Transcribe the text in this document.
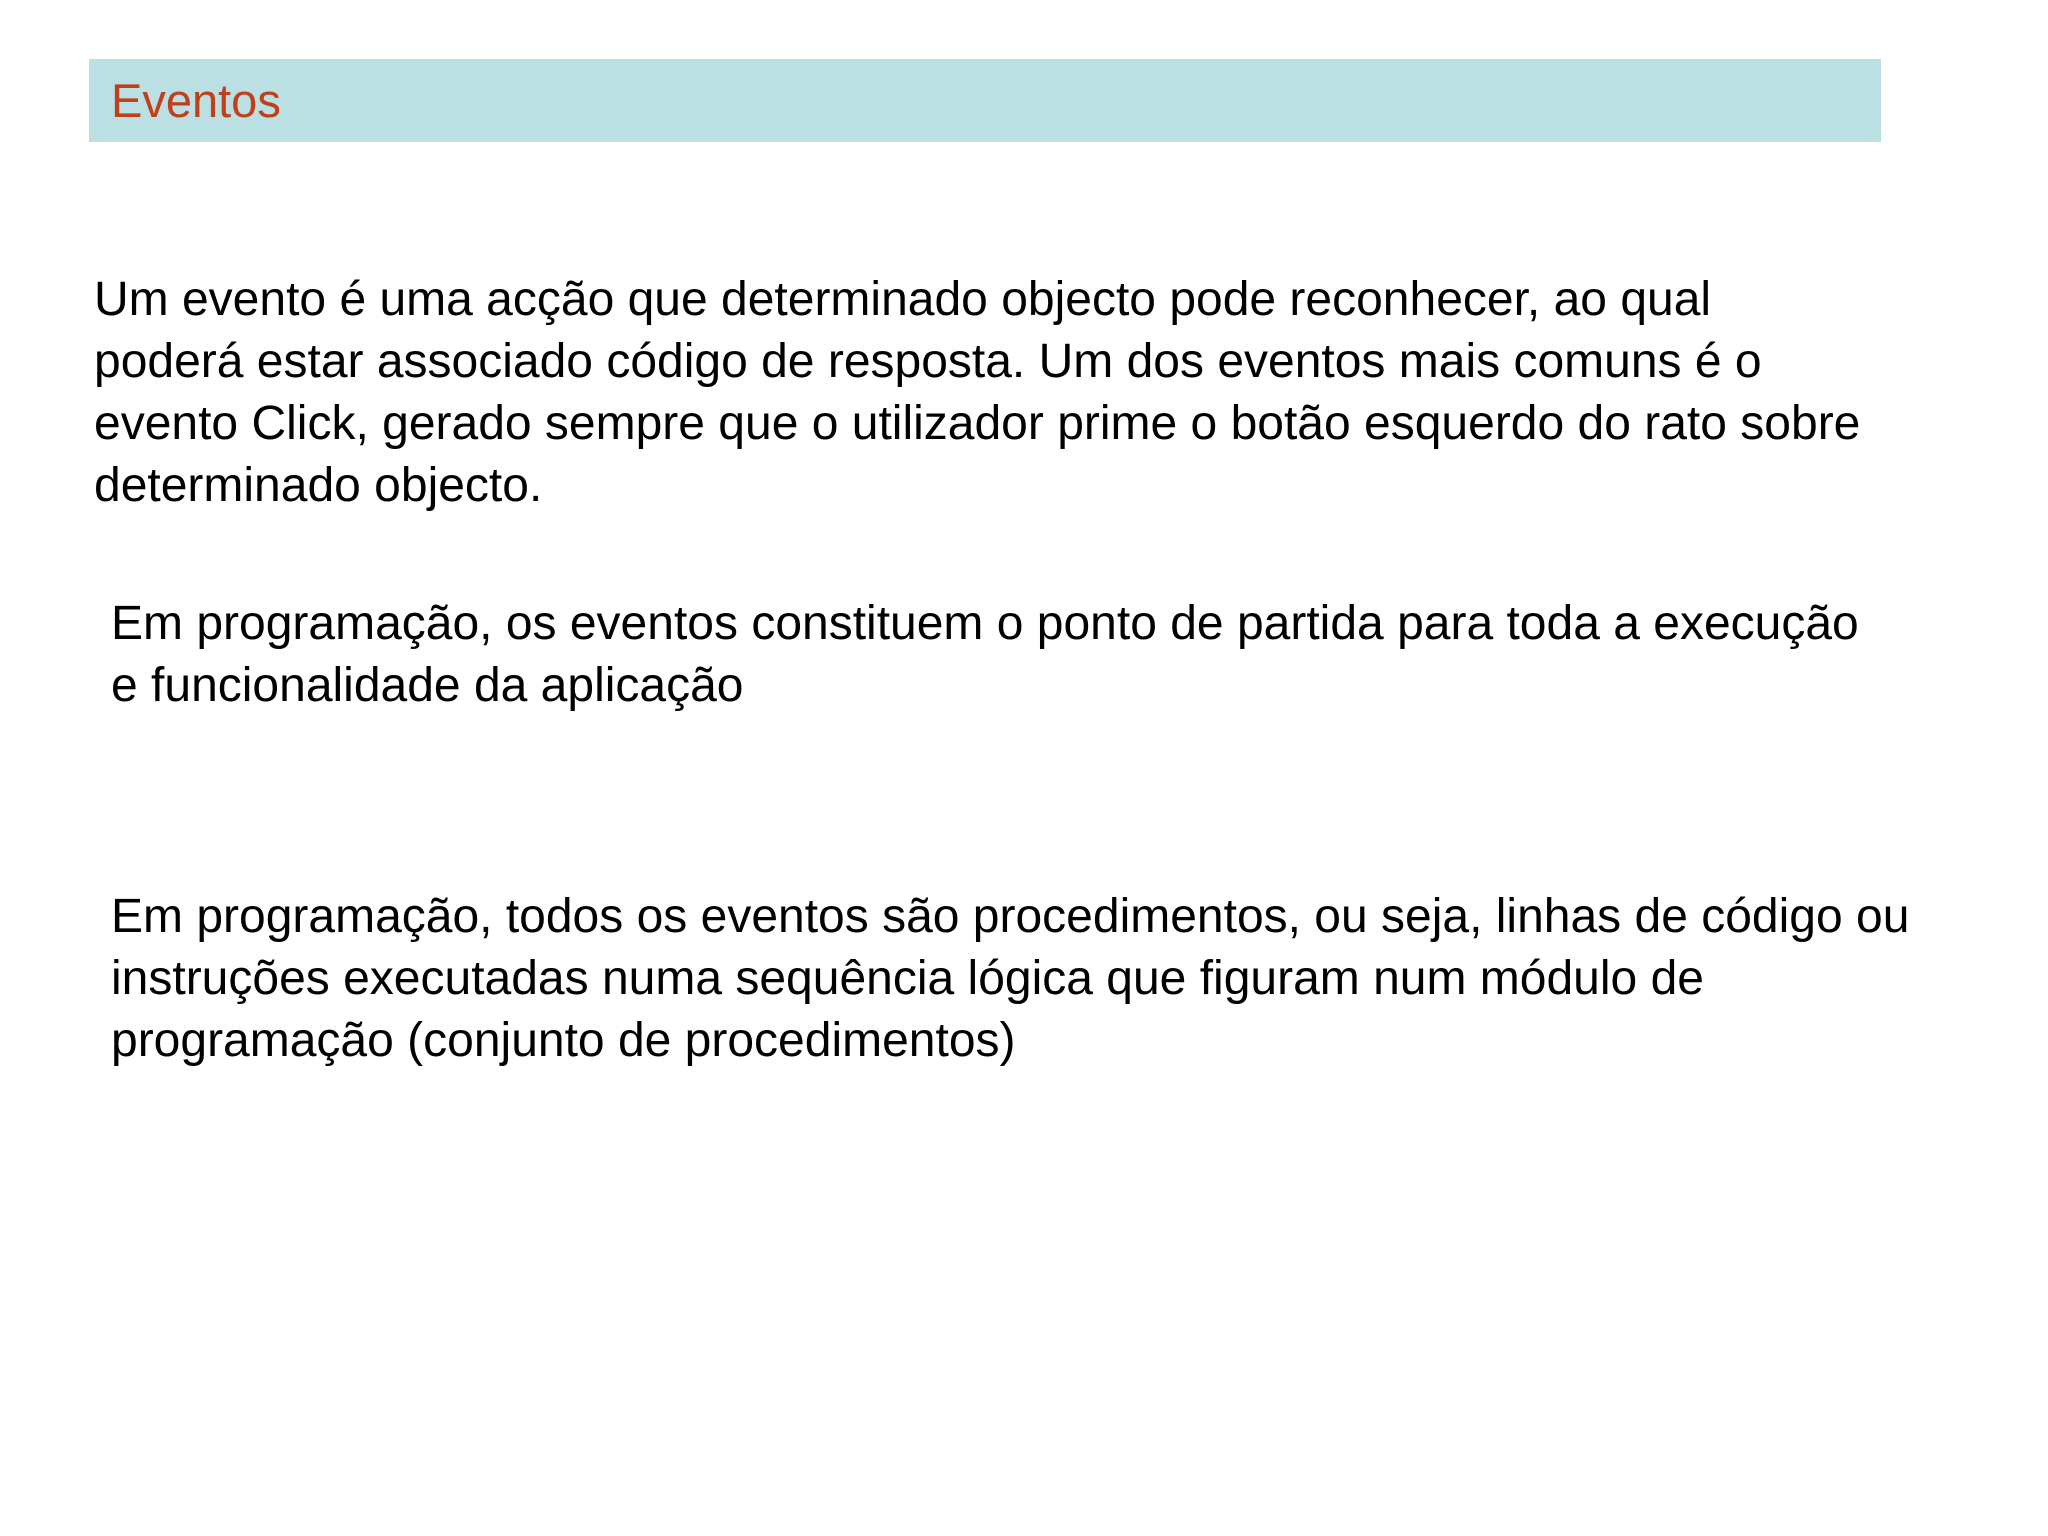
Eventos

Um evento é uma acção que determinado objecto pode reconhecer, ao qual
poderá estar associado código de resposta. Um dos eventos mais comuns é o
evento Click, gerado sempre que o utilizador prime o botão esquerdo do rato sobre
determinado objecto.

Em programação, os eventos constituem o ponto de partida para toda a execução
e funcionalidade da aplicação

Em programação, todos os eventos são procedimentos, ou seja, linhas de código ou
instruções executadas numa sequência lógica que figuram num módulo de
programação (conjunto de procedimentos)
